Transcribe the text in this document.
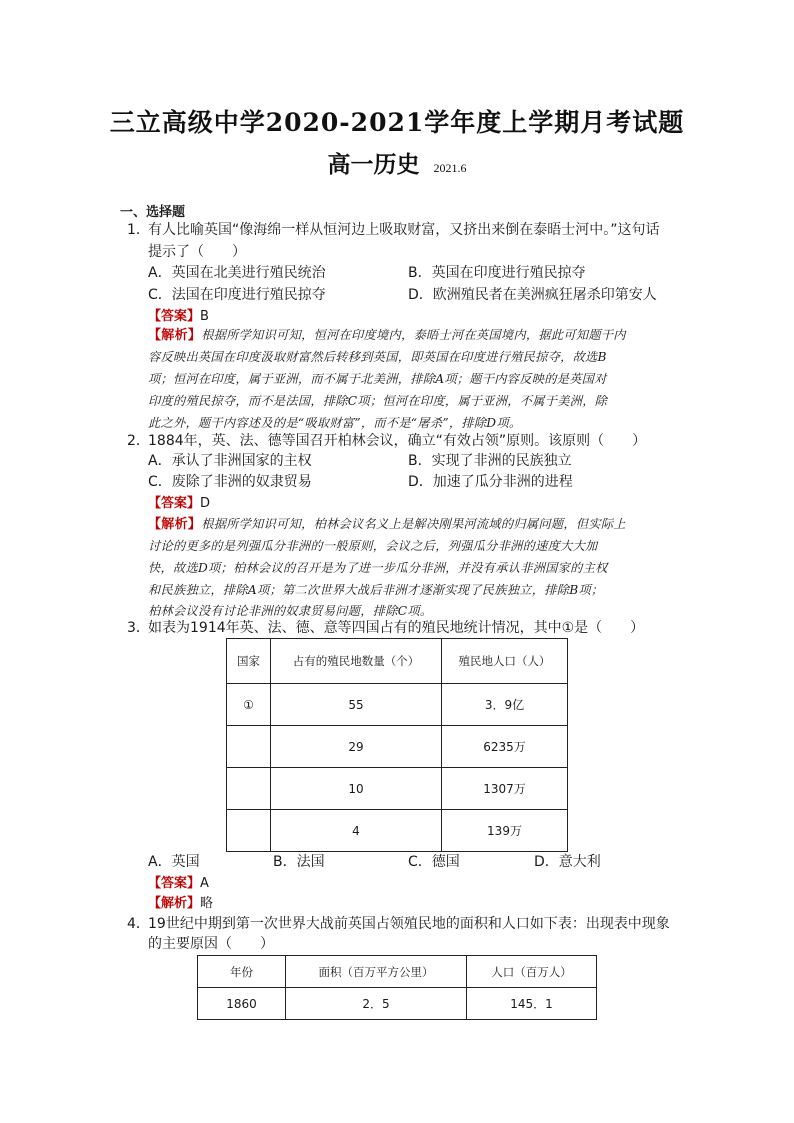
三立高级中学2020-2021学年度上学期月考试题
高一历史 2021.6
一、选择题
1．
有人比喻英国“像海绵一样从恒河边上吸取财富，又挤出来倒在泰晤士河中。”这句话
提示了（　　）
A．英国在北美进行殖民统治	B．英国在印度进行殖民掠夺
C．法国在印度进行殖民掠夺	D．欧洲殖民者在美洲疯狂屠杀印第安人
【答案】B
【解析】根据所学知识可知，恒河在印度境内，泰晤士河在英国境内，据此可知题干内
容反映出英国在印度汲取财富然后转移到英国，即英国在印度进行殖民掠夺，故选B
项；恒河在印度，属于亚洲，而不属于北美洲，排除A项；题干内容反映的是英国对
印度的殖民掠夺，而不是法国，排除C项；恒河在印度，属于亚洲，不属于美洲，除
此之外，题干内容述及的是“吸取财富”，而不是“屠杀”，排除D项。
2．
1884年，英、法、德等国召开柏林会议，确立“有效占领”原则。该原则（　　）
A．承认了非洲国家的主权	B．实现了非洲的民族独立
C．废除了非洲的奴隶贸易	D．加速了瓜分非洲的进程
【答案】D
【解析】根据所学知识可知，柏林会议名义上是解决刚果河流域的归属问题，但实际上
讨论的更多的是列强瓜分非洲的一般原则，会议之后，列强瓜分非洲的速度大大加
快，故选D项；柏林会议的召开是为了进一步瓜分非洲，并没有承认非洲国家的主权
和民族独立，排除A项；第二次世界大战后非洲才逐渐实现了民族独立，排除B项；
柏林会议没有讨论非洲的奴隶贸易问题，排除C项。
3．
如表为1914年英、法、德、意等四国占有的殖民地统计情况，其中①是（　　）
国家	占有的殖民地数量（个）	殖民地人口（人）
①	55	3．9亿
	29	6235万
	10	1307万
	4	139万
A．英国	B．法国	C．德国	D．意大利
【答案】A
【解析】略
4．
19世纪中期到第一次世界大战前英国占领殖民地的面积和人口如下表：出现表中现象
的主要原因（　　）
年份	面积（百万平方公里）	人口（百万人）
1860	2．5	145．1
